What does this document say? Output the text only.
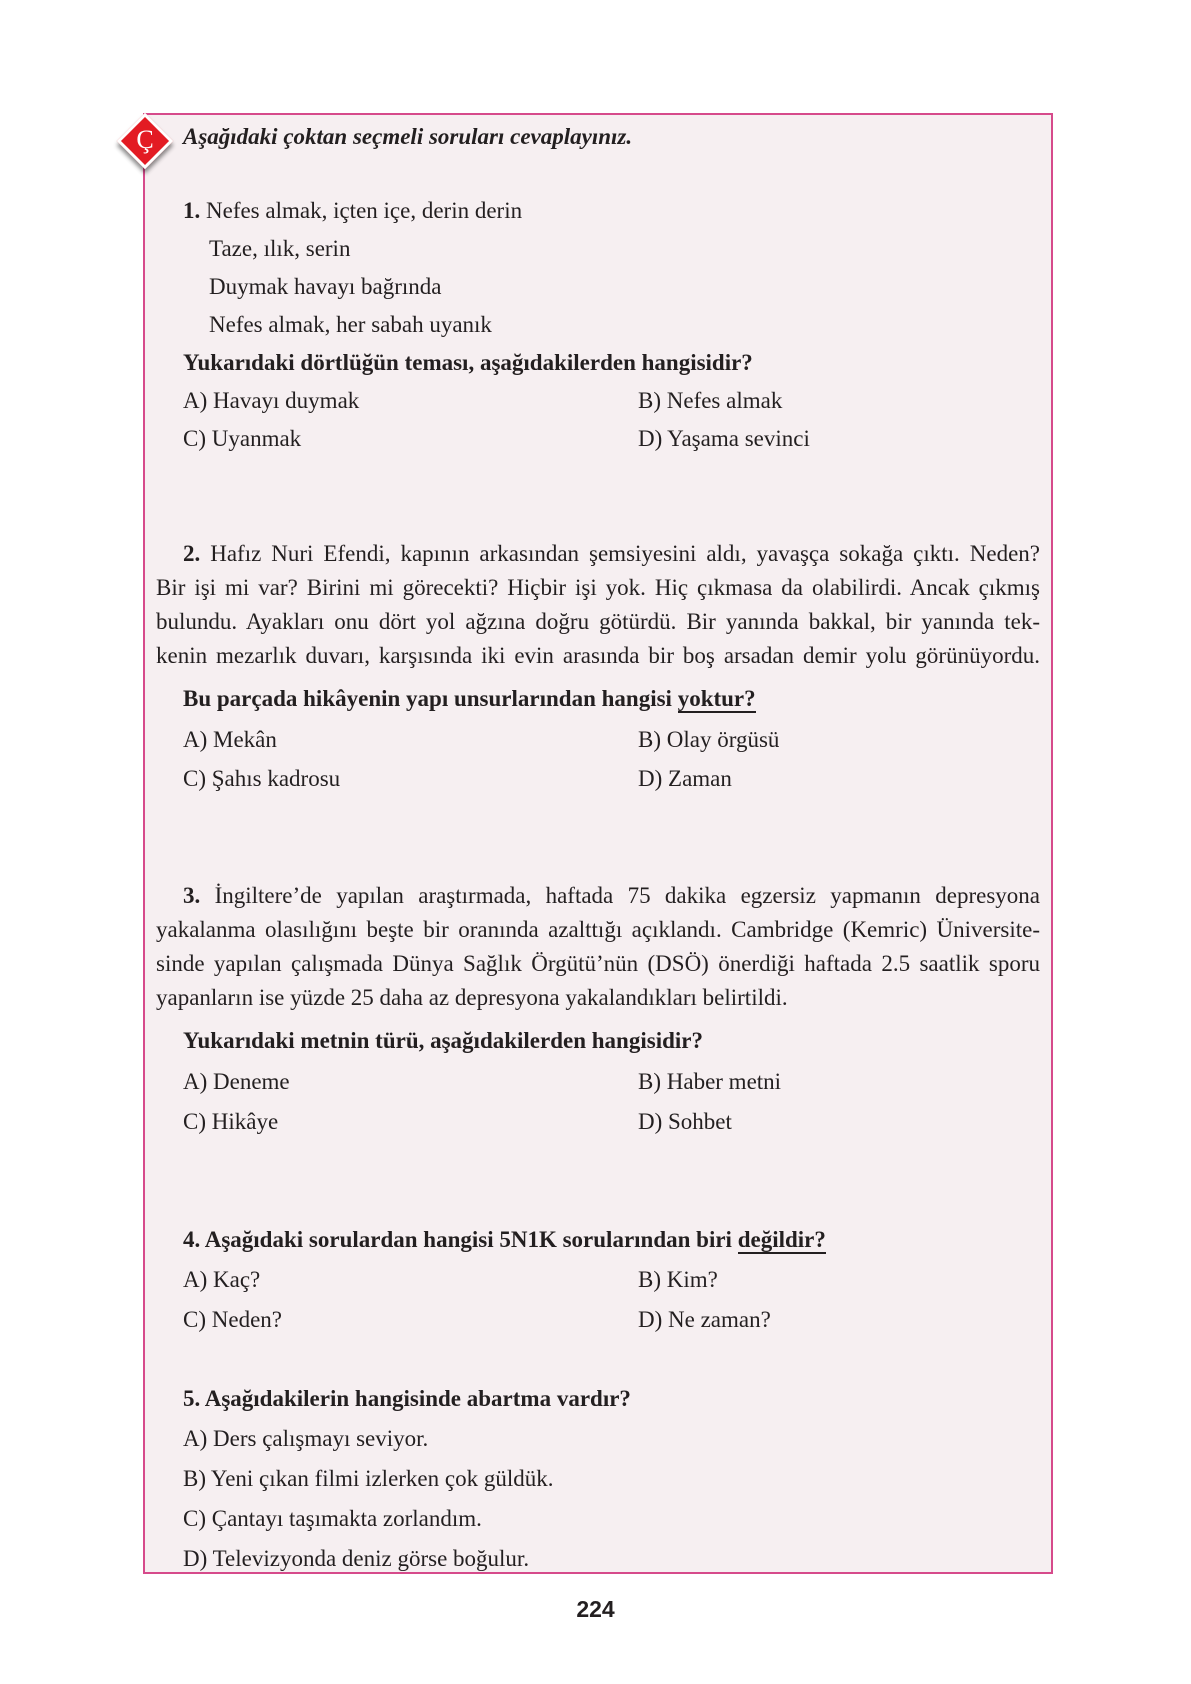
Ç	Aşağıdaki çoktan seçmeli soruları cevaplayınız.
1. Nefes almak, içten içe, derin derin
Taze, ılık, serin
Duymak havayı bağrında
Nefes almak, her sabah uyanık
Yukarıdaki dörtlüğün teması, aşağıdakilerden hangisidir?
A) Havayı duymak	B) Nefes almak
C) Uyanmak	D) Yaşama sevinci
2. Hafız Nuri Efendi, kapının arkasından şemsiyesini aldı, yavaşça sokağa çıktı. Neden?
Bir işi mi var? Birini mi görecekti? Hiçbir işi yok. Hiç çıkmasa da olabilirdi. Ancak çıkmış
bulundu. Ayakları onu dört yol ağzına doğru götürdü. Bir yanında bakkal, bir yanında tek-
kenin mezarlık duvarı, karşısında iki evin arasında bir boş arsadan demir yolu görünüyordu.
Bu parçada hikâyenin yapı unsurlarından hangisi yoktur?
A) Mekân	B) Olay örgüsü
C) Şahıs kadrosu	D) Zaman
3. İngiltere’de yapılan araştırmada, haftada 75 dakika egzersiz yapmanın depresyona
yakalanma olasılığını beşte bir oranında azalttığı açıklandı. Cambridge (Kemric) Üniversite-
sinde yapılan çalışmada Dünya Sağlık Örgütü’nün (DSÖ) önerdiği haftada 2.5 saatlik sporu
yapanların ise yüzde 25 daha az depresyona yakalandıkları belirtildi.
Yukarıdaki metnin türü, aşağıdakilerden hangisidir?
A) Deneme	B) Haber metni
C) Hikâye	D) Sohbet
4. Aşağıdaki sorulardan hangisi 5N1K sorularından biri değildir?
A) Kaç?	B) Kim?
C) Neden?	D) Ne zaman?
5. Aşağıdakilerin hangisinde abartma vardır?
A) Ders çalışmayı seviyor.
B) Yeni çıkan filmi izlerken çok güldük.
C) Çantayı taşımakta zorlandım.
D) Televizyonda deniz görse boğulur.
224
